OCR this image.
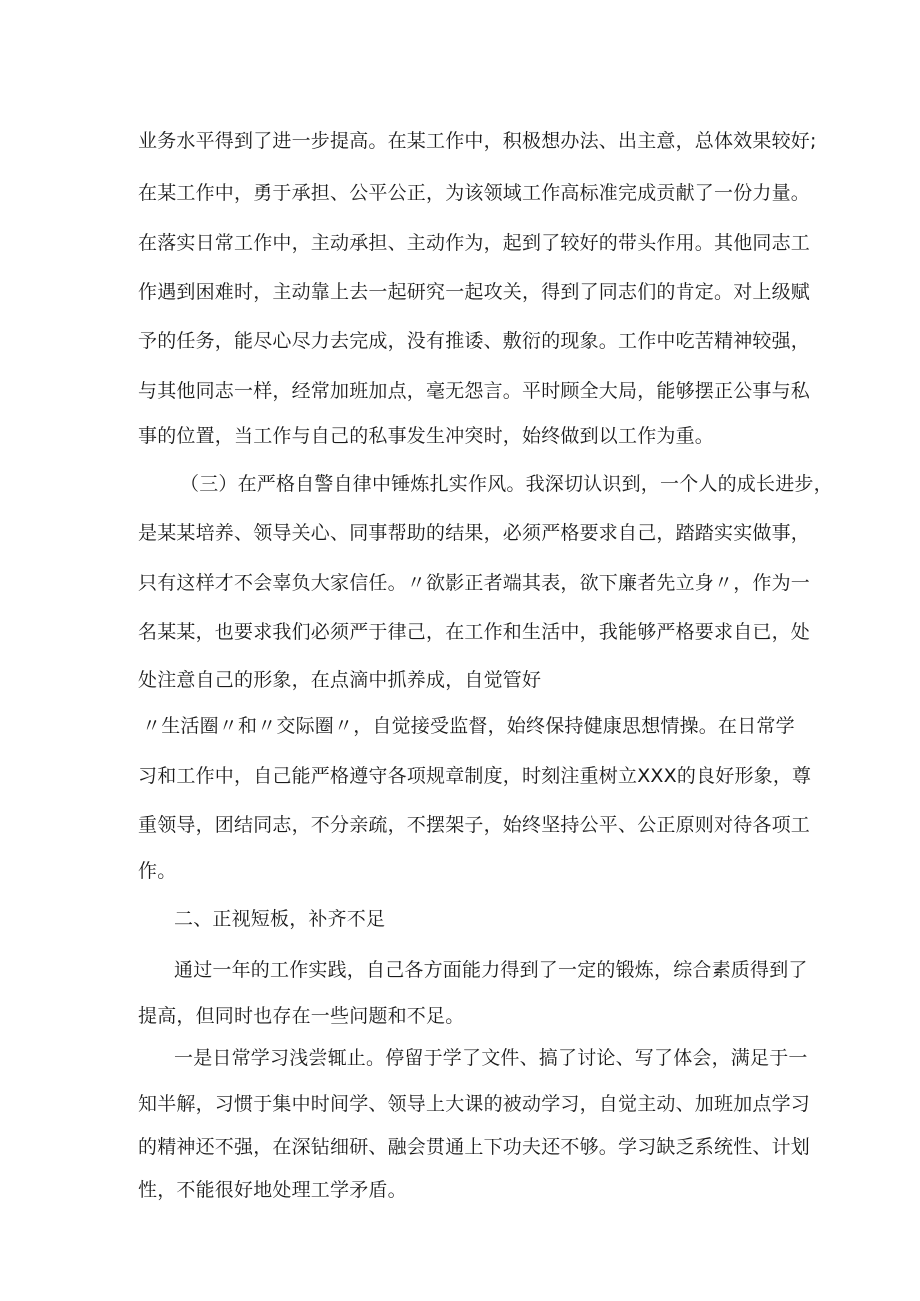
业务水平得到了进一步提高。在某工作中，积极想办法、出主意，总体效果较好;
在某工作中，勇于承担、公平公正，为该领域工作高标准完成贡献了一份力量。
在落实日常工作中，主动承担、主动作为，起到了较好的带头作用。其他同志工
作遇到困难时，主动靠上去一起研究一起攻关，得到了同志们的肯定。对上级赋
予的任务，能尽心尽力去完成，没有推诿、敷衍的现象。工作中吃苦精神较强，
与其他同志一样，经常加班加点，毫无怨言。平时顾全大局，能够摆正公事与私
事的位置，当工作与自己的私事发生冲突时，始终做到以工作为重。
（三）在严格自警自律中锤炼扎实作风。我深切认识到，一个人的成长进步，
是某某培养、领导关心、同事帮助的结果，必须严格要求自己，踏踏实实做事，
只有这样才不会辜负大家信任。〃欲影正者端其表，欲下廉者先立身〃，作为一
名某某，也要求我们必须严于律己，在工作和生活中，我能够严格要求自已，处
处注意自己的形象，在点滴中抓养成，自觉管好
〃生活圈〃和〃交际圈〃，自觉接受监督，始终保持健康思想情操。在日常学
习和工作中，自己能严格遵守各项规章制度，时刻注重树立XXX的良好形象，尊
重领导，团结同志，不分亲疏，不摆架子，始终坚持公平、公正原则对待各项工
作。
二、正视短板，补齐不足
通过一年的工作实践，自己各方面能力得到了一定的锻炼，综合素质得到了
提高，但同时也存在一些问题和不足。
一是日常学习浅尝辄止。停留于学了文件、搞了讨论、写了体会，满足于一
知半解，习惯于集中时间学、领导上大课的被动学习，自觉主动、加班加点学习
的精神还不强，在深钻细研、融会贯通上下功夫还不够。学习缺乏系统性、计划
性，不能很好地处理工学矛盾。
